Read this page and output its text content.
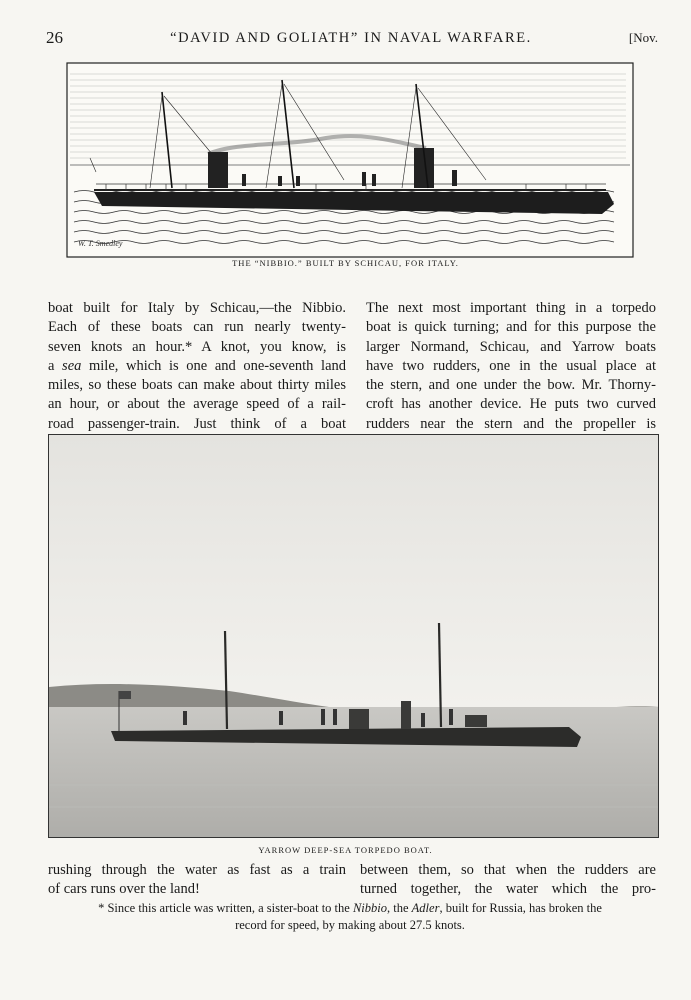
26	“DAVID AND GOLIATH” IN NAVAL WARFARE.	[Nov.
W. T. Smedley
THE “NIBBIO.” BUILT BY SCHICAU, FOR ITALY.
boat built for Italy by Schicau,—the Nibbio.
Each of these boats can run nearly twenty-
seven knots an hour.* A knot, you know, is
a sea mile, which is one and one-seventh land
miles, so these boats can make about thirty miles
an hour, or about the average speed of a rail-
road passenger-train. Just think of a boat
The next most important thing in a torpedo
boat is quick turning; and for this purpose the
larger Normand, Schicau, and Yarrow boats
have two rudders, one in the usual place at
the stern, and one under the bow. Mr. Thorny-
croft has another device. He puts two curved
rudders near the stern and the propeller is
YARROW DEEP-SEA TORPEDO BOAT.
rushing through the water as fast as a train
of cars runs over the land!
between them, so that when the rudders are
turned together, the water which the pro-
* Since this article was written, a sister-boat to the Nibbio, the Adler, built for Russia, has broken the
record for speed, by making about 27.5 knots.
